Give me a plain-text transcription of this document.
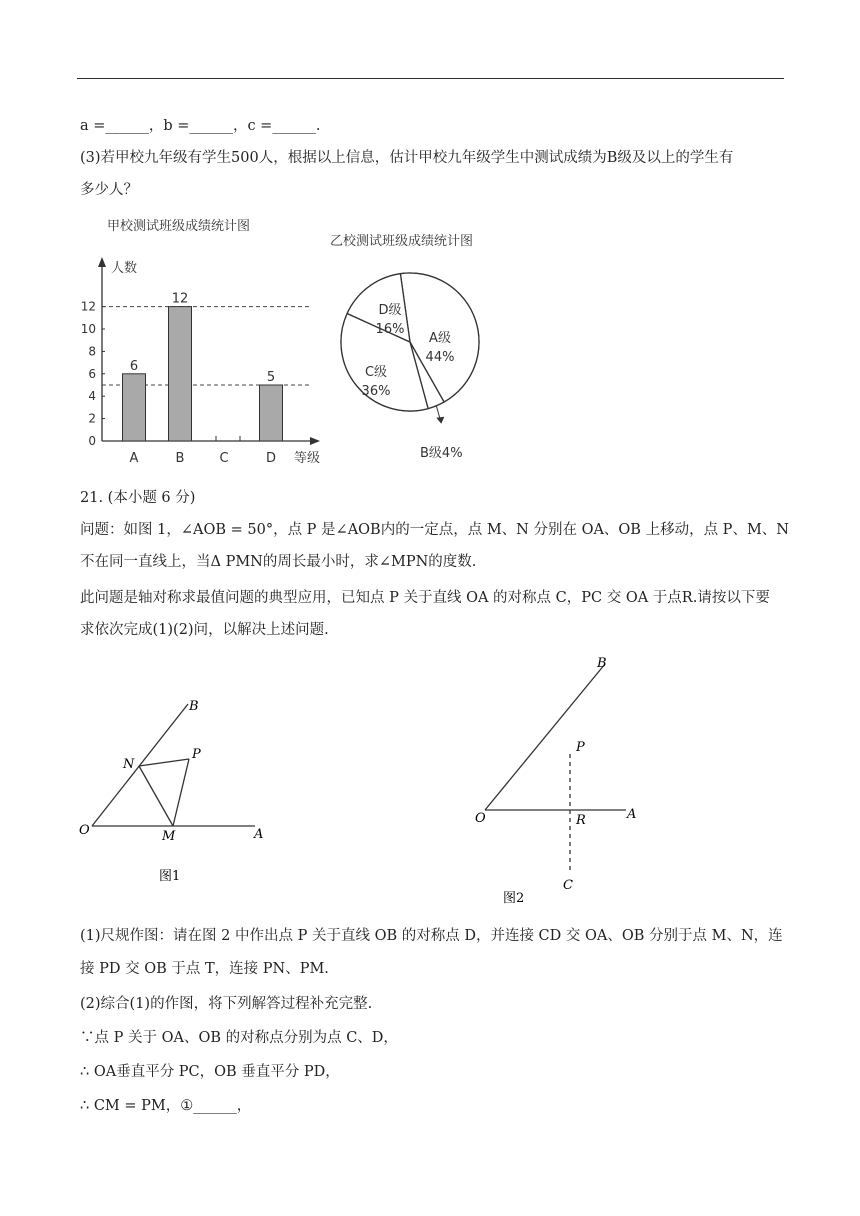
a =______，b =______，c =______.
(3)若甲校九年级有学生500人，根据以上信息，估计甲校九年级学生中测试成绩为B级及以上的学生有
多少人？
甲校测试班级成绩统计图
人数
等级
0
2
4
6
8
10
12
6
A
12
B	C
5
D
乙校测试班级成绩统计图
A级
44%
C级
36%
D级
16%
B级4%
21. (本小题 6 分)
问题：如图 1，∠AOB = 50°，点 P 是∠AOB内的一定点，点 M、N 分别在 OA、OB 上移动，点 P、M、N
不在同一直线上，当Δ PMN的周长最小时，求∠MPN的度数.
此问题是轴对称求最值问题的典型应用，已知点 P 关于直线 OA 的对称点 C，PC 交 OA 于点R.请按以下要
求依次完成(1)(2)问，以解决上述问题.
O	A
B
N
P
M
图1
B
P
O	R	A
C
图2
(1)尺规作图：请在图 2 中作出点 P 关于直线 OB 的对称点 D，并连接 CD 交 OA、OB 分别于点 M、N，连
接 PD 交 OB 于点 T，连接 PN、PM.
(2)综合(1)的作图，将下列解答过程补充完整.
∵点 P 关于 OA、OB 的对称点分别为点 C、D，
∴ OA垂直平分 PC，OB 垂直平分 PD，
∴ CM = PM，①______，
